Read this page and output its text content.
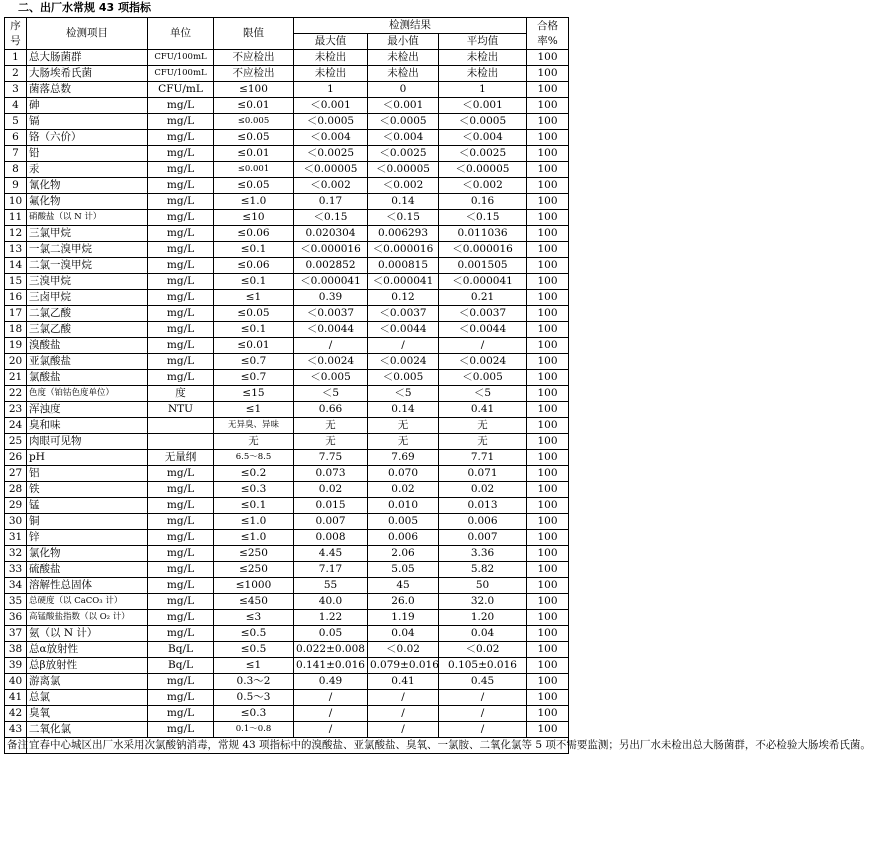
二、出厂水常规 43 项指标
序号	检测项目	单位	限值	检测结果			合格率%
				最大值	最小值	平均值	
1	总大肠菌群	CFU/100mL	不应检出	未检出	未检出	未检出	100
2	大肠埃希氏菌	CFU/100mL	不应检出	未检出	未检出	未检出	100
3	菌落总数	CFU/mL	≤100	1	0	1	100
4	砷	mg/L	≤0.01	＜0.001	＜0.001	＜0.001	100
5	镉	mg/L	≤0.005	＜0.0005	＜0.0005	＜0.0005	100
6	铬（六价）	mg/L	≤0.05	＜0.004	＜0.004	＜0.004	100
7	铅	mg/L	≤0.01	＜0.0025	＜0.0025	＜0.0025	100
8	汞	mg/L	≤0.001	＜0.00005	＜0.00005	＜0.00005	100
9	氰化物	mg/L	≤0.05	＜0.002	＜0.002	＜0.002	100
10	氟化物	mg/L	≤1.0	0.17	0.14	0.16	100
11	硝酸盐（以 N 计）	mg/L	≤10	＜0.15	＜0.15	＜0.15	100
12	三氯甲烷	mg/L	≤0.06	0.020304	0.006293	0.011036	100
13	一氯二溴甲烷	mg/L	≤0.1	＜0.000016	＜0.000016	＜0.000016	100
14	二氯一溴甲烷	mg/L	≤0.06	0.002852	0.000815	0.001505	100
15	三溴甲烷	mg/L	≤0.1	＜0.000041	＜0.000041	＜0.000041	100
16	三卤甲烷	mg/L	≤1	0.39	0.12	0.21	100
17	二氯乙酸	mg/L	≤0.05	＜0.0037	＜0.0037	＜0.0037	100
18	三氯乙酸	mg/L	≤0.1	＜0.0044	＜0.0044	＜0.0044	100
19	溴酸盐	mg/L	≤0.01	/	/	/	100
20	亚氯酸盐	mg/L	≤0.7	＜0.0024	＜0.0024	＜0.0024	100
21	氯酸盐	mg/L	≤0.7	＜0.005	＜0.005	＜0.005	100
22	色度（铂钴色度单位）	度	≤15	＜5	＜5	＜5	100
23	浑浊度	NTU	≤1	0.66	0.14	0.41	100
24	臭和味		无异臭、异味	无	无	无	100
25	肉眼可见物		无	无	无	无	100
26	pH	无量纲	6.5～8.5	7.75	7.69	7.71	100
27	铝	mg/L	≤0.2	0.073	0.070	0.071	100
28	铁	mg/L	≤0.3	0.02	0.02	0.02	100
29	锰	mg/L	≤0.1	0.015	0.010	0.013	100
30	铜	mg/L	≤1.0	0.007	0.005	0.006	100
31	锌	mg/L	≤1.0	0.008	0.006	0.007	100
32	氯化物	mg/L	≤250	4.45	2.06	3.36	100
33	硫酸盐	mg/L	≤250	7.17	5.05	5.82	100
34	溶解性总固体	mg/L	≤1000	55	45	50	100
35	总硬度（以 CaCO₃ 计）	mg/L	≤450	40.0	26.0	32.0	100
36	高锰酸盐指数（以 O₂ 计）	mg/L	≤3	1.22	1.19	1.20	100
37	氨（以 N 计）	mg/L	≤0.5	0.05	0.04	0.04	100
38	总α放射性	Bq/L	≤0.5	0.022±0.008	＜0.02	＜0.02	100
39	总β放射性	Bq/L	≤1	0.141±0.016	0.079±0.016	0.105±0.016	100
40	游离氯	mg/L	0.3～2	0.49	0.41	0.45	100
41	总氯	mg/L	0.5～3	/	/	/	100
42	臭氧	mg/L	≤0.3	/	/	/	100
43	二氧化氯	mg/L	0.1～0.8	/	/	/	100
备注	宜春中心城区出厂水采用次氯酸钠消毒，常规 43 项指标中的溴酸盐、亚氯酸盐、臭氧、一氯胺、二氧化氯等 5 项不需要监测；另出厂水未检出总大肠菌群，不必检验大肠埃希氏菌。						
